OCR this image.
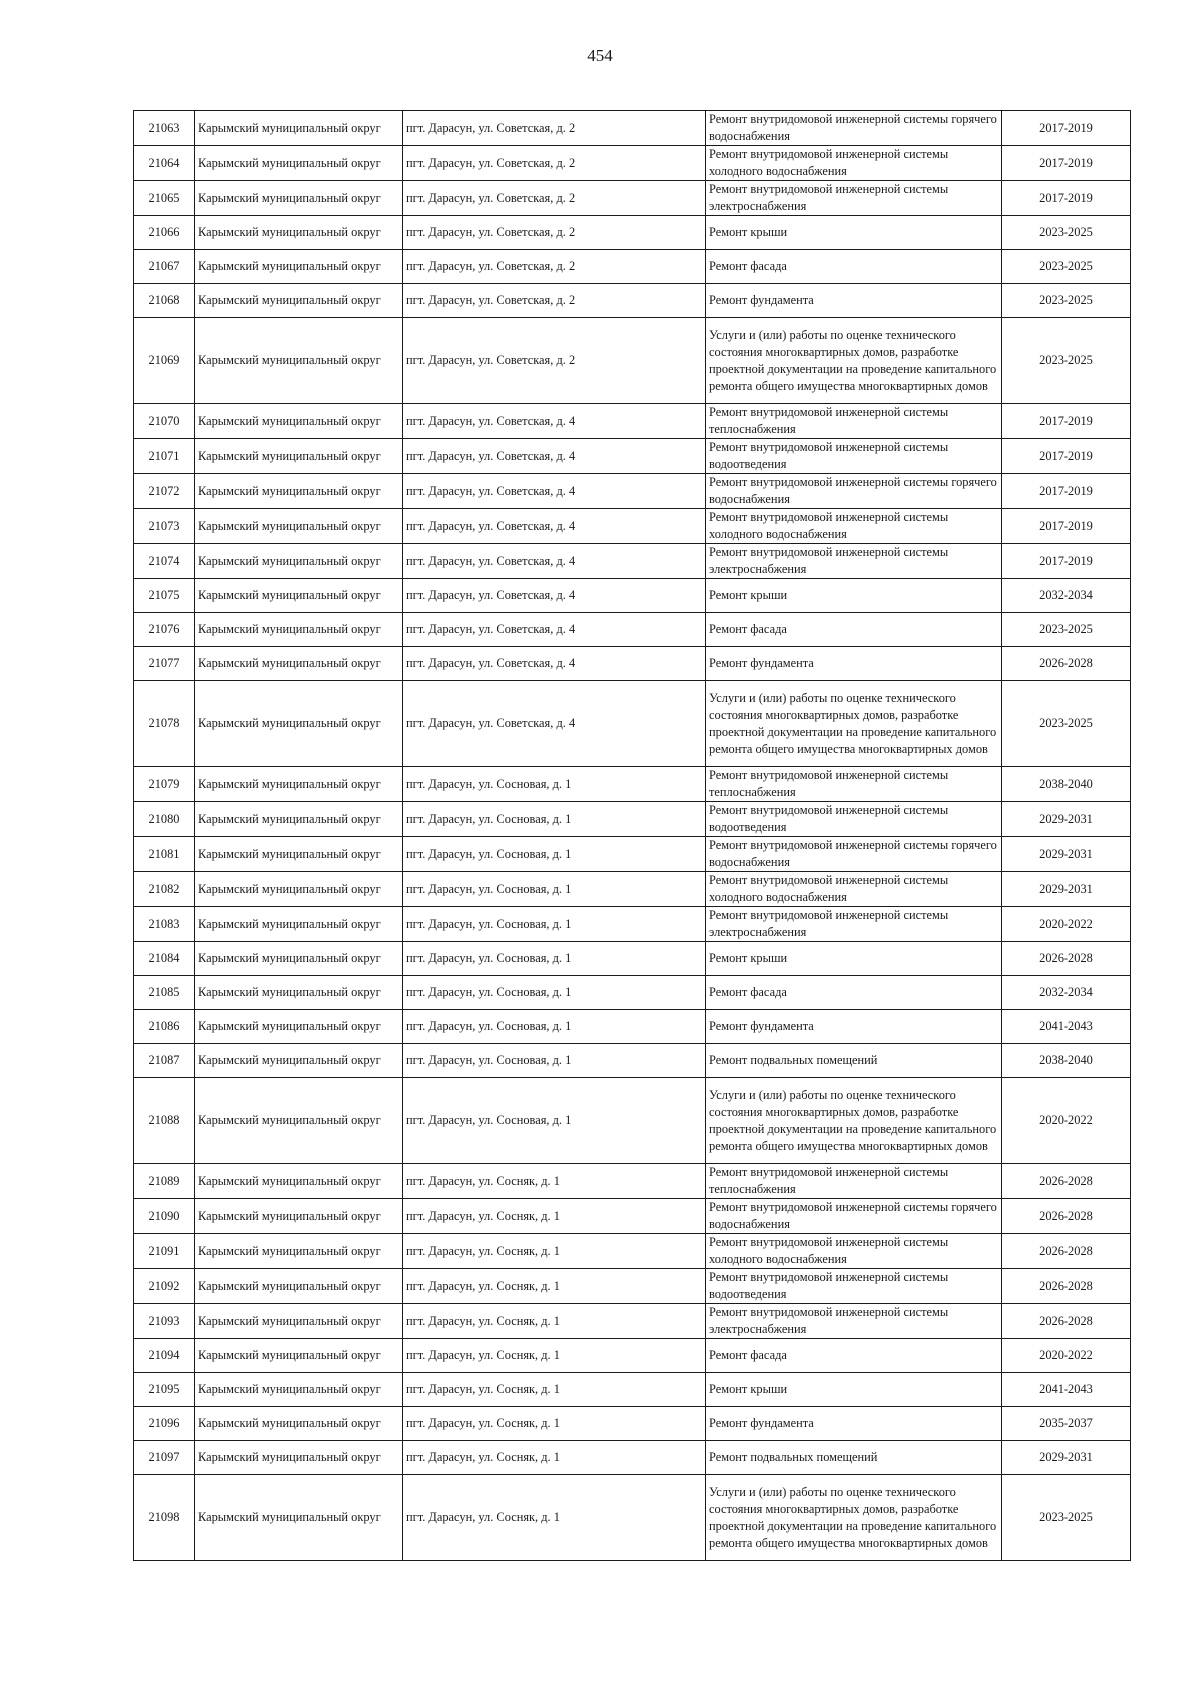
454
21063	Карымский муниципальный округ	пгт. Дарасун, ул. Советская, д. 2	Ремонт внутридомовой инженерной системы горячего водоснабжения	2017-2019
21064	Карымский муниципальный округ	пгт. Дарасун, ул. Советская, д. 2	Ремонт внутридомовой инженерной системы холодного водоснабжения	2017-2019
21065	Карымский муниципальный округ	пгт. Дарасун, ул. Советская, д. 2	Ремонт внутридомовой инженерной системы электроснабжения	2017-2019
21066	Карымский муниципальный округ	пгт. Дарасун, ул. Советская, д. 2	Ремонт крыши	2023-2025
21067	Карымский муниципальный округ	пгт. Дарасун, ул. Советская, д. 2	Ремонт фасада	2023-2025
21068	Карымский муниципальный округ	пгт. Дарасун, ул. Советская, д. 2	Ремонт фундамента	2023-2025
21069	Карымский муниципальный округ	пгт. Дарасун, ул. Советская, д. 2	Услуги и (или) работы по оценке технического состояния многоквартирных домов, разработке проектной документации на проведение капитального ремонта общего имущества многоквартирных домов	2023-2025
21070	Карымский муниципальный округ	пгт. Дарасун, ул. Советская, д. 4	Ремонт внутридомовой инженерной системы теплоснабжения	2017-2019
21071	Карымский муниципальный округ	пгт. Дарасун, ул. Советская, д. 4	Ремонт внутридомовой инженерной системы водоотведения	2017-2019
21072	Карымский муниципальный округ	пгт. Дарасун, ул. Советская, д. 4	Ремонт внутридомовой инженерной системы горячего водоснабжения	2017-2019
21073	Карымский муниципальный округ	пгт. Дарасун, ул. Советская, д. 4	Ремонт внутридомовой инженерной системы холодного водоснабжения	2017-2019
21074	Карымский муниципальный округ	пгт. Дарасун, ул. Советская, д. 4	Ремонт внутридомовой инженерной системы электроснабжения	2017-2019
21075	Карымский муниципальный округ	пгт. Дарасун, ул. Советская, д. 4	Ремонт крыши	2032-2034
21076	Карымский муниципальный округ	пгт. Дарасун, ул. Советская, д. 4	Ремонт фасада	2023-2025
21077	Карымский муниципальный округ	пгт. Дарасун, ул. Советская, д. 4	Ремонт фундамента	2026-2028
21078	Карымский муниципальный округ	пгт. Дарасун, ул. Советская, д. 4	Услуги и (или) работы по оценке технического состояния многоквартирных домов, разработке проектной документации на проведение капитального ремонта общего имущества многоквартирных домов	2023-2025
21079	Карымский муниципальный округ	пгт. Дарасун, ул. Сосновая, д. 1	Ремонт внутридомовой инженерной системы теплоснабжения	2038-2040
21080	Карымский муниципальный округ	пгт. Дарасун, ул. Сосновая, д. 1	Ремонт внутридомовой инженерной системы водоотведения	2029-2031
21081	Карымский муниципальный округ	пгт. Дарасун, ул. Сосновая, д. 1	Ремонт внутридомовой инженерной системы горячего водоснабжения	2029-2031
21082	Карымский муниципальный округ	пгт. Дарасун, ул. Сосновая, д. 1	Ремонт внутридомовой инженерной системы холодного водоснабжения	2029-2031
21083	Карымский муниципальный округ	пгт. Дарасун, ул. Сосновая, д. 1	Ремонт внутридомовой инженерной системы электроснабжения	2020-2022
21084	Карымский муниципальный округ	пгт. Дарасун, ул. Сосновая, д. 1	Ремонт крыши	2026-2028
21085	Карымский муниципальный округ	пгт. Дарасун, ул. Сосновая, д. 1	Ремонт фасада	2032-2034
21086	Карымский муниципальный округ	пгт. Дарасун, ул. Сосновая, д. 1	Ремонт фундамента	2041-2043
21087	Карымский муниципальный округ	пгт. Дарасун, ул. Сосновая, д. 1	Ремонт подвальных помещений	2038-2040
21088	Карымский муниципальный округ	пгт. Дарасун, ул. Сосновая, д. 1	Услуги и (или) работы по оценке технического состояния многоквартирных домов, разработке проектной документации на проведение капитального ремонта общего имущества многоквартирных домов	2020-2022
21089	Карымский муниципальный округ	пгт. Дарасун, ул. Сосняк, д. 1	Ремонт внутридомовой инженерной системы теплоснабжения	2026-2028
21090	Карымский муниципальный округ	пгт. Дарасун, ул. Сосняк, д. 1	Ремонт внутридомовой инженерной системы горячего водоснабжения	2026-2028
21091	Карымский муниципальный округ	пгт. Дарасун, ул. Сосняк, д. 1	Ремонт внутридомовой инженерной системы холодного водоснабжения	2026-2028
21092	Карымский муниципальный округ	пгт. Дарасун, ул. Сосняк, д. 1	Ремонт внутридомовой инженерной системы водоотведения	2026-2028
21093	Карымский муниципальный округ	пгт. Дарасун, ул. Сосняк, д. 1	Ремонт внутридомовой инженерной системы электроснабжения	2026-2028
21094	Карымский муниципальный округ	пгт. Дарасун, ул. Сосняк, д. 1	Ремонт фасада	2020-2022
21095	Карымский муниципальный округ	пгт. Дарасун, ул. Сосняк, д. 1	Ремонт крыши	2041-2043
21096	Карымский муниципальный округ	пгт. Дарасун, ул. Сосняк, д. 1	Ремонт фундамента	2035-2037
21097	Карымский муниципальный округ	пгт. Дарасун, ул. Сосняк, д. 1	Ремонт подвальных помещений	2029-2031
21098	Карымский муниципальный округ	пгт. Дарасун, ул. Сосняк, д. 1	Услуги и (или) работы по оценке технического состояния многоквартирных домов, разработке проектной документации на проведение капитального ремонта общего имущества многоквартирных домов	2023-2025
